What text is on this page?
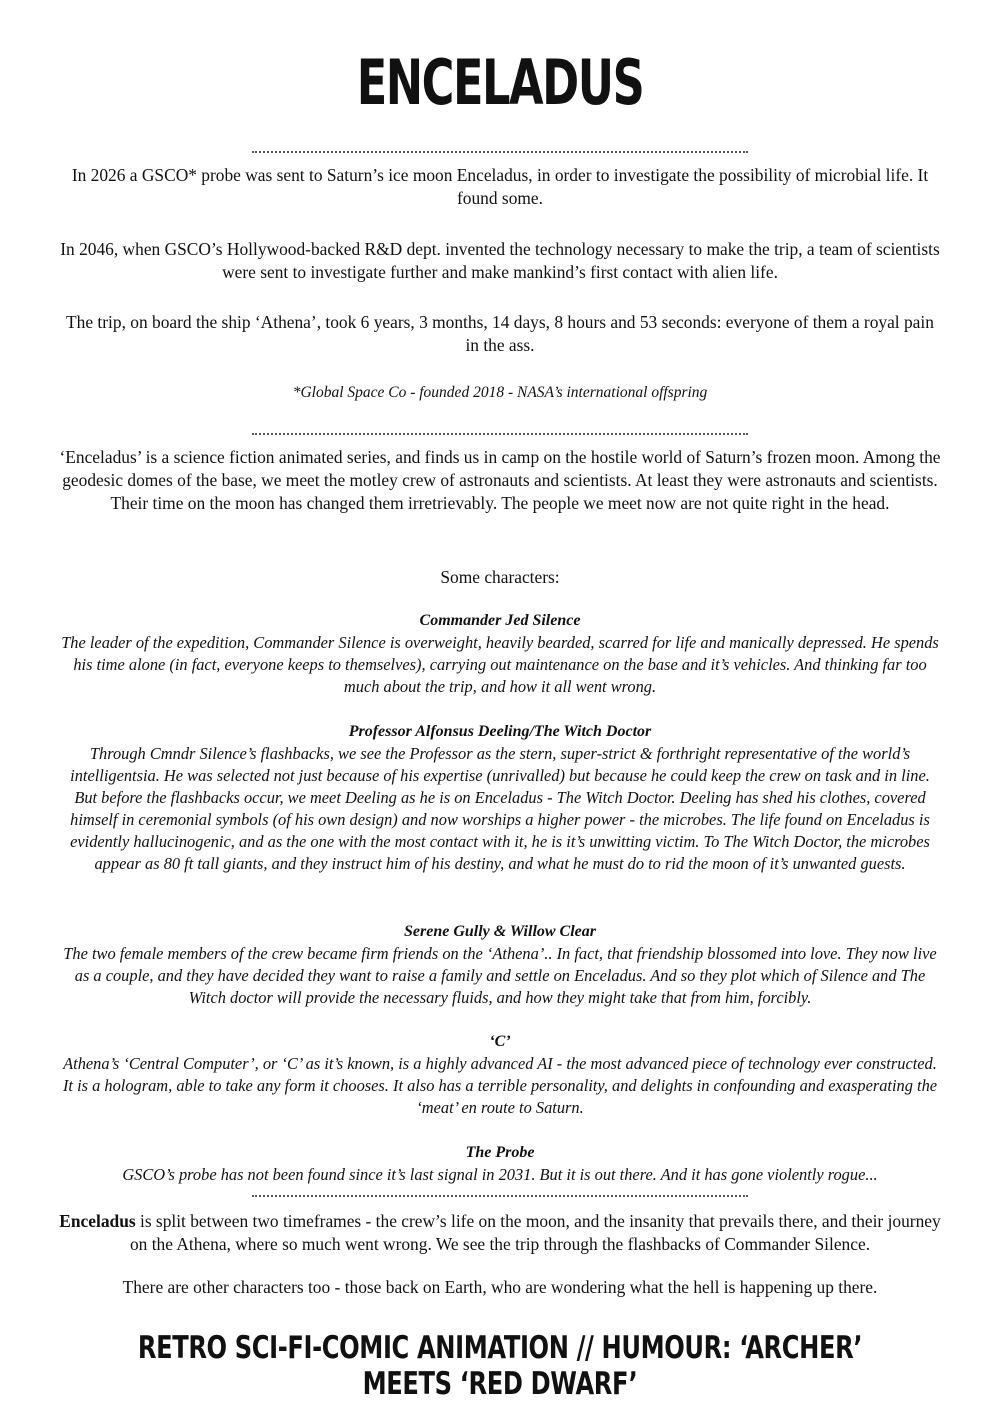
ENCELADUS

In 2026 a GSCO* probe was sent to Saturn’s ice moon Enceladus, in order to investigate the possibility of microbial life. It found some.

In 2046, when GSCO’s Hollywood-backed R&D dept. invented the technology necessary to make the trip, a team of scientists were sent to investigate further and make mankind’s first contact with alien life.

The trip, on board the ship ‘Athena’, took 6 years, 3 months, 14 days, 8 hours and 53 seconds: everyone of them a royal pain in the ass.

*Global Space Co - founded 2018 - NASA’s international offspring

‘Enceladus’ is a science fiction animated series, and finds us in camp on the hostile world of Saturn’s frozen moon. Among the geodesic domes of the base, we meet the motley crew of astronauts and scientists. At least they were astronauts and scientists. Their time on the moon has changed them irretrievably. The people we meet now are not quite right in the head.

Some characters:

Commander Jed Silence

The leader of the expedition, Commander Silence is overweight, heavily bearded, scarred for life and manically depressed. He spends his time alone (in fact, everyone keeps to themselves), carrying out maintenance on the base and it’s vehicles. And thinking far too much about the trip, and how it all went wrong.

Professor Alfonsus Deeling/The Witch Doctor

Through Cmndr Silence’s flashbacks, we see the Professor as the stern, super-strict & forthright representative of the world’s intelligentsia. He was selected not just because of his expertise (unrivalled) but because he could keep the crew on task and in line. But before the flashbacks occur, we meet Deeling as he is on Enceladus - The Witch Doctor. Deeling has shed his clothes, covered himself in ceremonial symbols (of his own design) and now worships a higher power - the microbes. The life found on Enceladus is evidently hallucinogenic, and as the one with the most contact with it, he is it’s unwitting victim. To The Witch Doctor, the microbes appear as 80 ft tall giants, and they instruct him of his destiny, and what he must do to rid the moon of it’s unwanted guests.

Serene Gully & Willow Clear

The two female members of the crew became firm friends on the ‘Athena’.. In fact, that friendship blossomed into love. They now live as a couple, and they have decided they want to raise a family and settle on Enceladus. And so they plot which of Silence and The Witch doctor will provide the necessary fluids, and how they might take that from him, forcibly.

‘C’

Athena’s ‘Central Computer’, or ‘C’ as it’s known, is a highly advanced AI - the most advanced piece of technology ever constructed. It is a hologram, able to take any form it chooses. It also has a terrible personality, and delights in confounding and exasperating the ‘meat’ en route to Saturn.

The Probe

GSCO’s probe has not been found since it’s last signal in 2031. But it is out there. And it has gone violently rogue...

Enceladus is split between two timeframes - the crew’s life on the moon, and the insanity that prevails there, and their journey on the Athena, where so much went wrong. We see the trip through the flashbacks of Commander Silence.

There are other characters too - those back on Earth, who are wondering what the hell is happening up there.

RETRO SCI-FI-COMIC ANIMATION // HUMOUR: ‘ARCHER’ MEETS ‘RED DWARF’
